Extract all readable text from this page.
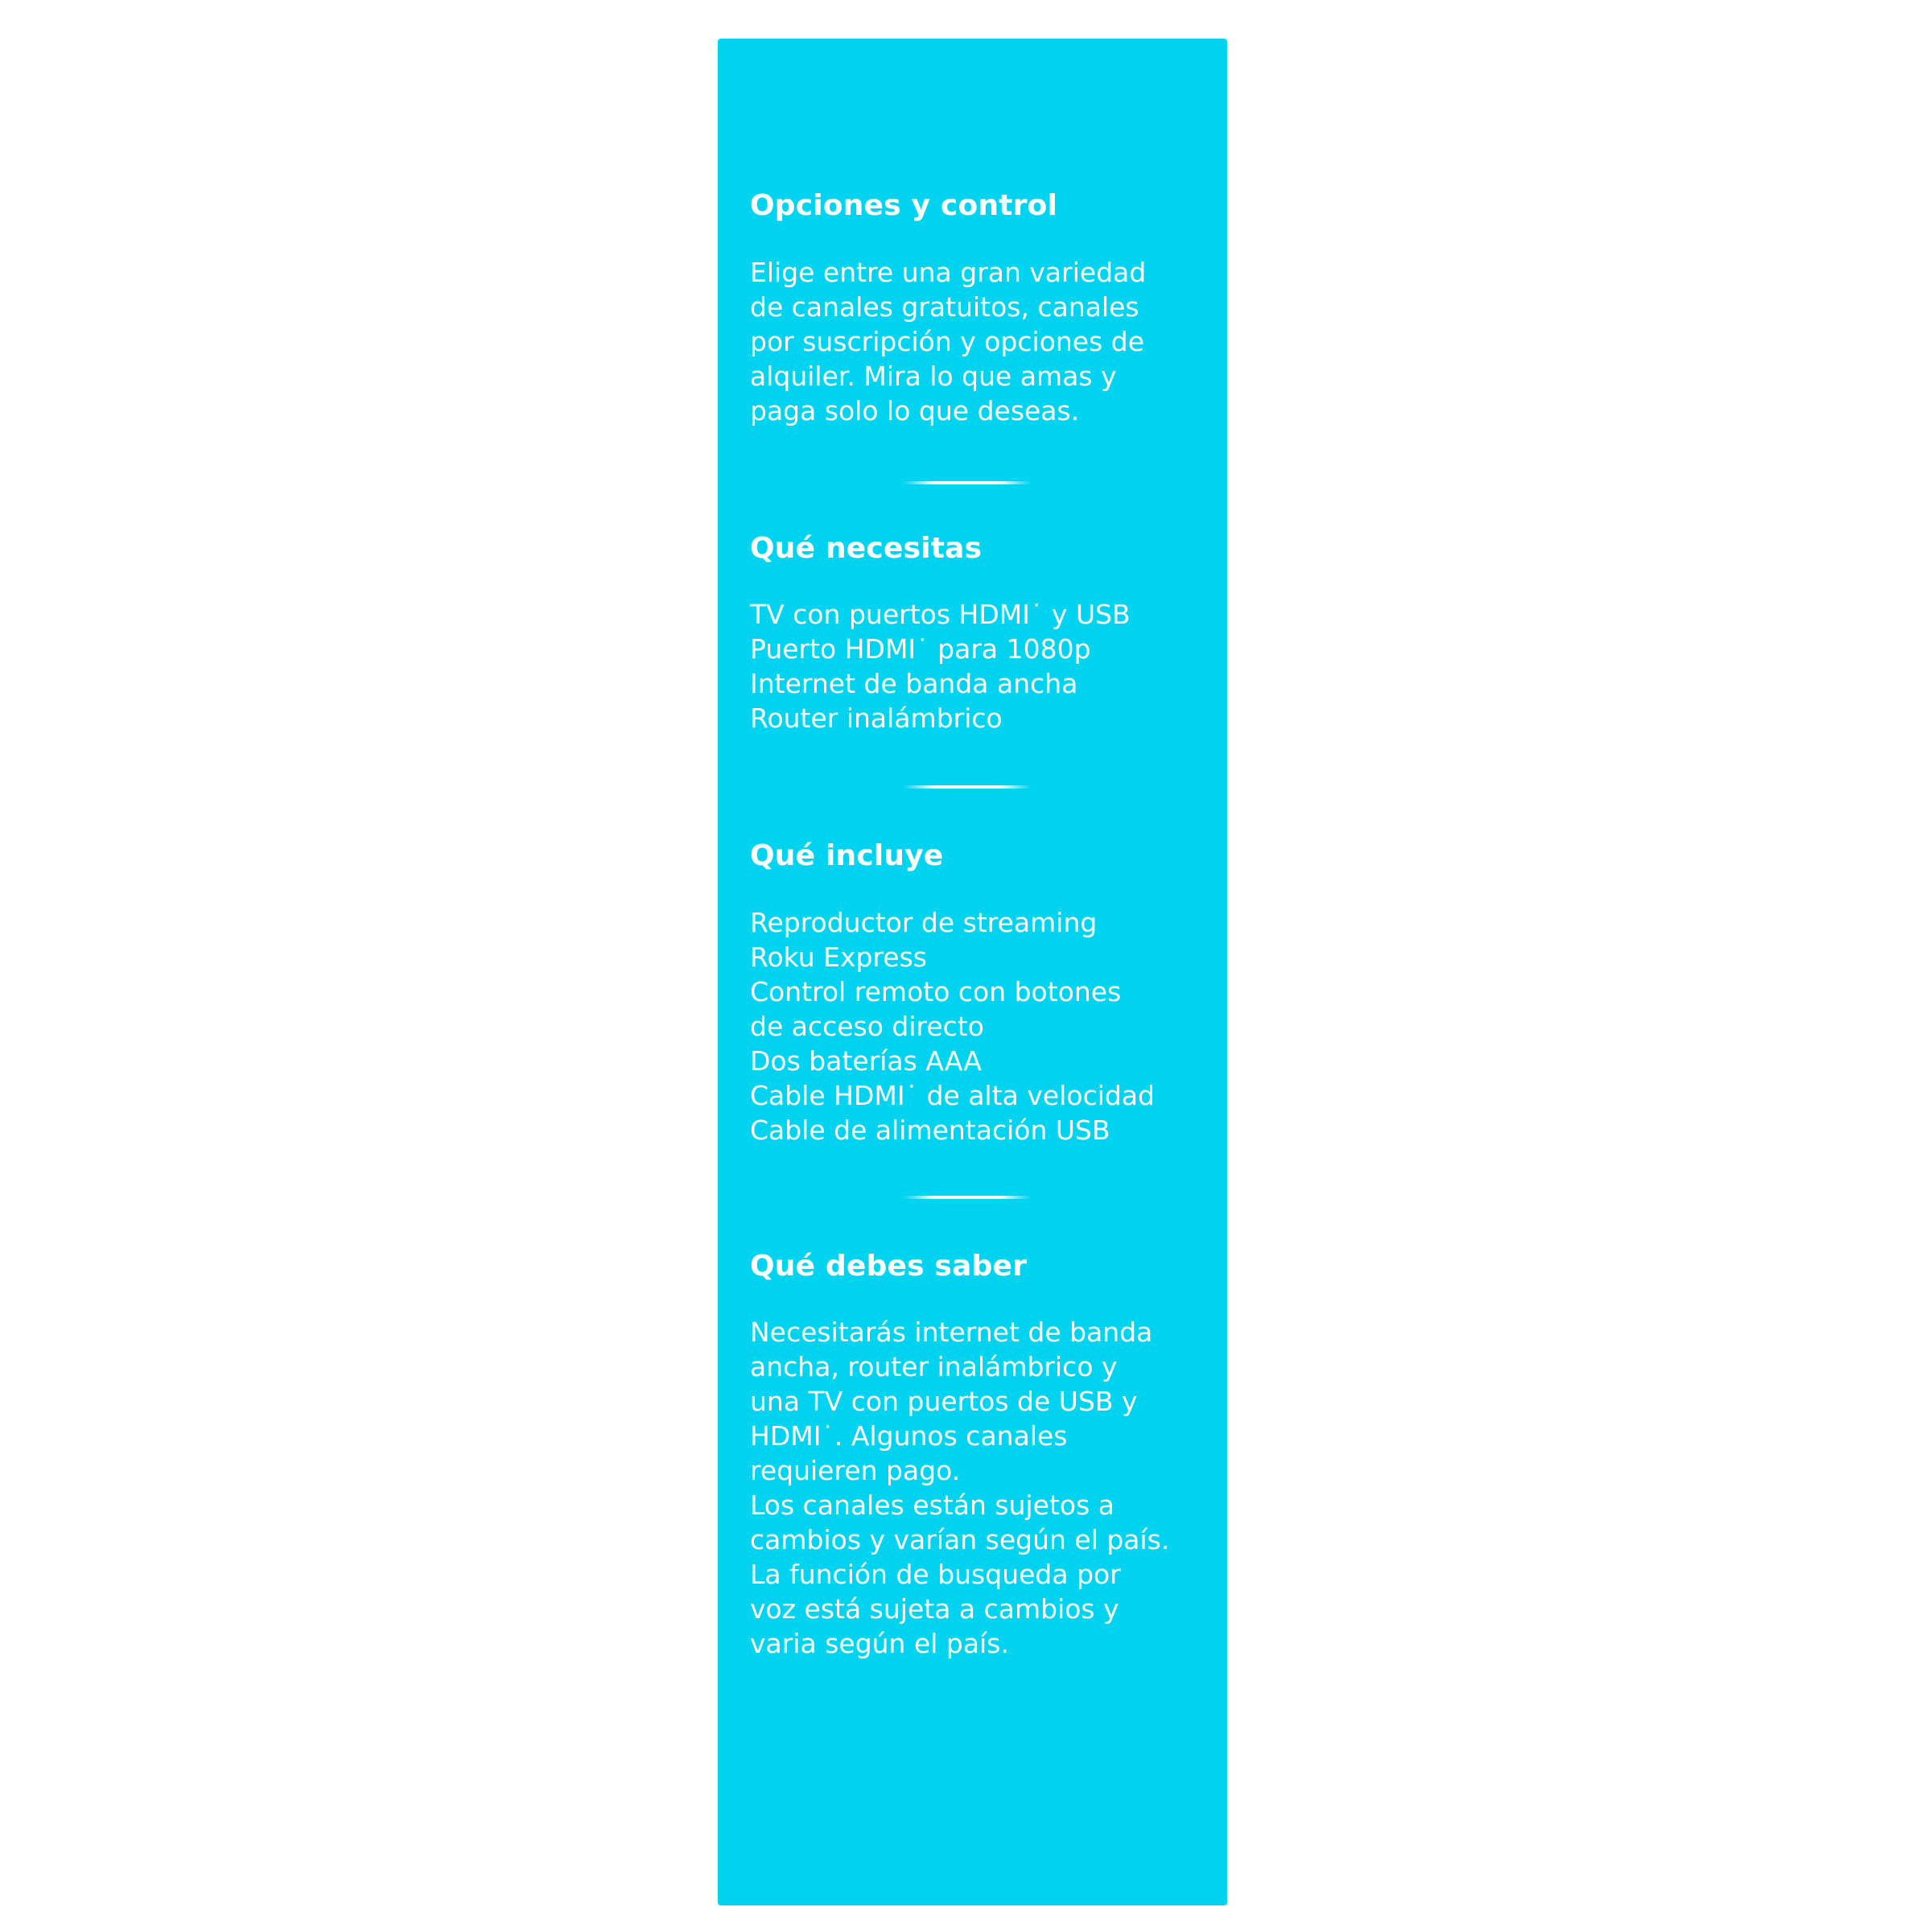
Opciones y control

Elige entre una gran variedad
de canales gratuitos, canales
por suscripción y opciones de
alquiler. Mira lo que amas y
paga solo lo que deseas.

Qué necesitas

TV con puertos HDMI˙ y USB
Puerto HDMI˙ para 1080p
Internet de banda ancha
Router inalámbrico

Qué incluye

Reproductor de streaming
Roku Express
Control remoto con botones
de acceso directo
Dos baterías AAA
Cable HDMI˙ de alta velocidad
Cable de alimentación USB

Qué debes saber

Necesitarás internet de banda
ancha, router inalámbrico y
una TV con puertos de USB y
HDMI˙. Algunos canales
requieren pago.
Los canales están sujetos a
cambios y varían según el país.
La función de busqueda por
voz está sujeta a cambios y
varia según el país.
